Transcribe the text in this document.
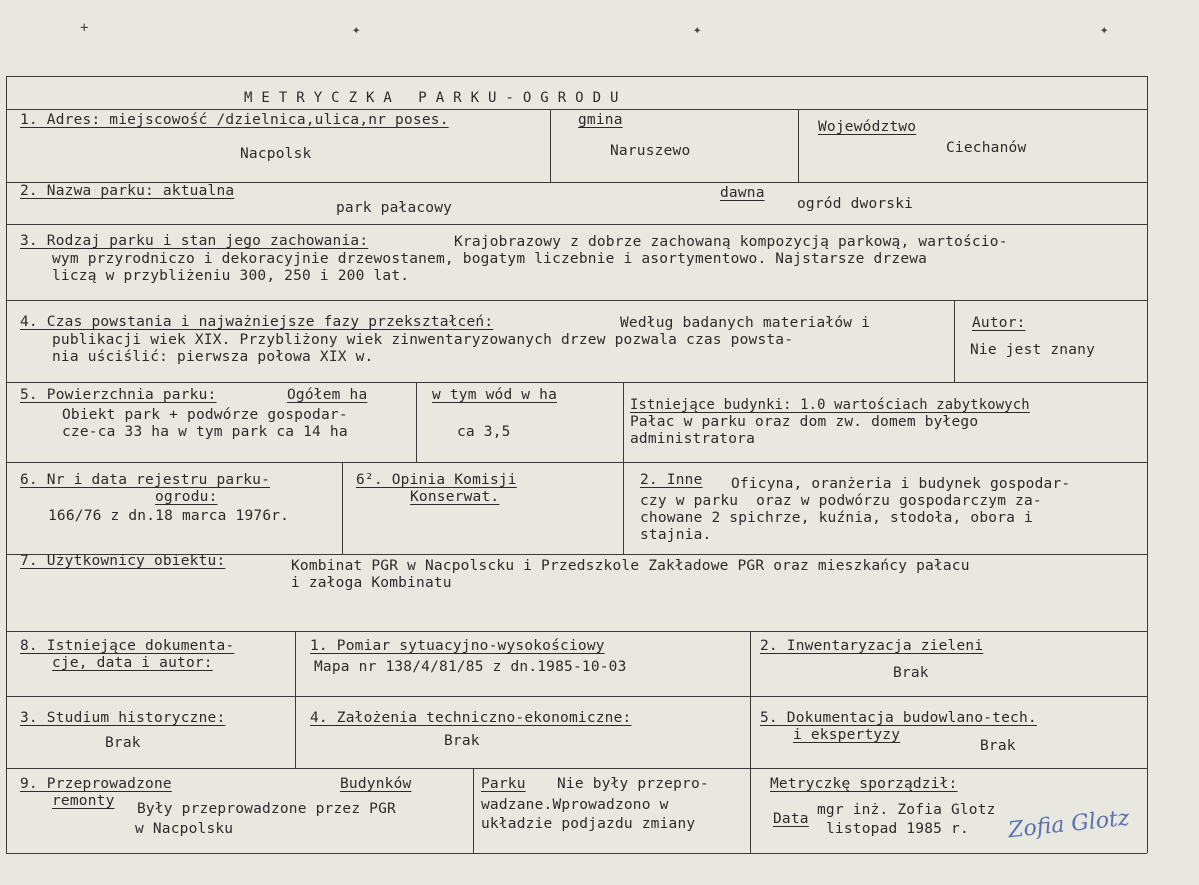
+	✦	✦	✦
METRYCZKA PARKU-OGRODU
1. Adres: miejscowość /dzielnica,ulica,nr poses.
Nacpolsk
gmina
Naruszewo
Województwo
Ciechanów
2. Nazwa parku: aktualna
park pałacowy
dawna
ogród dworski
3. Rodzaj parku i stan jego zachowania:	Krajobrazowy z dobrze zachowaną kompozycją parkową, wartościo-
wym przyrodniczo i dekoracyjnie drzewostanem, bogatym liczebnie i asortymentowo. Najstarsze drzewa
liczą w przybliżeniu 300, 250 i 200 lat.
4. Czas powstania i najważniejsze fazy przekształceń:	Według badanych materiałów i
publikacji wiek XIX. Przybliżony wiek zinwentaryzowanych drzew pozwala czas powsta-
nia uściślić: pierwsza połowa XIX w.
Autor:
Nie jest znany
5. Powierzchnia parku:	Ogółem ha
Obiekt park + podwórze gospodar-
cze-ca 33 ha w tym park ca 14 ha
w tym wód w ha
ca 3,5
Istniejące budynki: 1.0 wartościach zabytkowych
Pałac w parku oraz dom zw. domem byłego
administratora
6. Nr i data rejestru parku-
ogrodu:
166/76 z dn.18 marca 1976r.
6². Opinia Komisji
Konserwat.
2. Inne Oficyna, oranżeria i budynek gospodar-
czy w parku  oraz w podwórzu gospodarczym za-
chowane 2 spichrze, kuźnia, stodoła, obora i
stajnia.
7. Użytkownicy obiektu:	Kombinat PGR w Nacpolscku i Przedszkole Zakładowe PGR oraz mieszkańcy pałacu
i załoga Kombinatu
8. Istniejące dokumenta-
cje, data i autor:
1. Pomiar sytuacyjno-wysokościowy
Mapa nr 138/4/81/85 z dn.1985-10-03
2. Inwentaryzacja zieleni
Brak
3. Studium historyczne:
Brak
4. Założenia techniczno-ekonomiczne:
Brak
5. Dokumentacja budowlano-tech.
i ekspertyzy
Brak
9. Przeprowadzone
remonty
Budynków
Były przeprowadzone przez PGR
w Nacpolsku
Parku Nie były przepro-
wadzane.Wprowadzono w
układzie podjazdu zmiany
Metryczkę sporządził:
mgr inż. Zofia Glotz
Data
listopad 1985 r. Zofia Glotz
